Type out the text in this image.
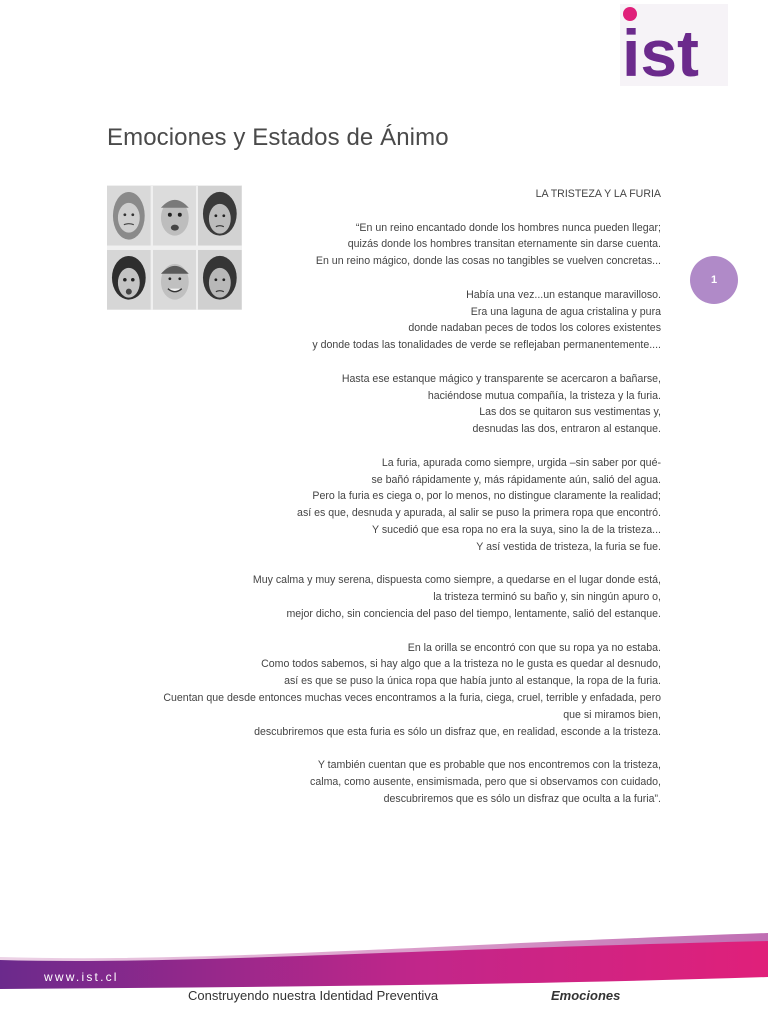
ist
Emociones y Estados de Ánimo
1
LA TRISTEZA Y LA FURIA

“En un reino encantado donde los hombres nunca pueden llegar;
quizás donde los hombres transitan eternamente sin darse cuenta.
En un reino mágico, donde las cosas no tangibles se vuelven concretas...

Había una vez...un estanque maravilloso.
Era una laguna de agua cristalina y pura
donde nadaban peces de todos los colores existentes
y donde todas las tonalidades de verde se reflejaban permanentemente....

Hasta ese estanque mágico y transparente se acercaron a bañarse,
haciéndose mutua compañía, la tristeza y la furia.
Las dos se quitaron sus vestimentas y,
desnudas las dos, entraron al estanque.

La furia, apurada como siempre, urgida –sin saber por qué-
se bañó rápidamente y, más rápidamente aún, salió del agua.
Pero la furia es ciega o, por lo menos, no distingue claramente la realidad;
así es que, desnuda y apurada, al salir se puso la primera ropa que encontró.
Y sucedió que esa ropa no era la suya, sino la de la tristeza...
Y así vestida de tristeza, la furia se fue.

Muy calma y muy serena, dispuesta como siempre, a quedarse en el lugar donde está,
la tristeza terminó su baño y, sin ningún apuro o,
mejor dicho, sin conciencia del paso del tiempo, lentamente, salió del estanque.

En la orilla se encontró con que su ropa ya no estaba.
Como todos sabemos, si hay algo que a la tristeza no le gusta es quedar al desnudo,
así es que se puso la única ropa que había junto al estanque, la ropa de la furia.
Cuentan que desde entonces muchas veces encontramos a la furia, ciega, cruel, terrible y enfadada, pero
que si miramos bien,
descubriremos que esta furia es sólo un disfraz que, en realidad, esconde a la tristeza.

Y también cuentan que es probable que nos encontremos con la tristeza,
calma, como ausente, ensimismada, pero que si observamos con cuidado,
descubriremos que es sólo un disfraz que oculta a la furia”.

www.ist.cl
Construyendo nuestra Identidad Preventiva	Emociones
